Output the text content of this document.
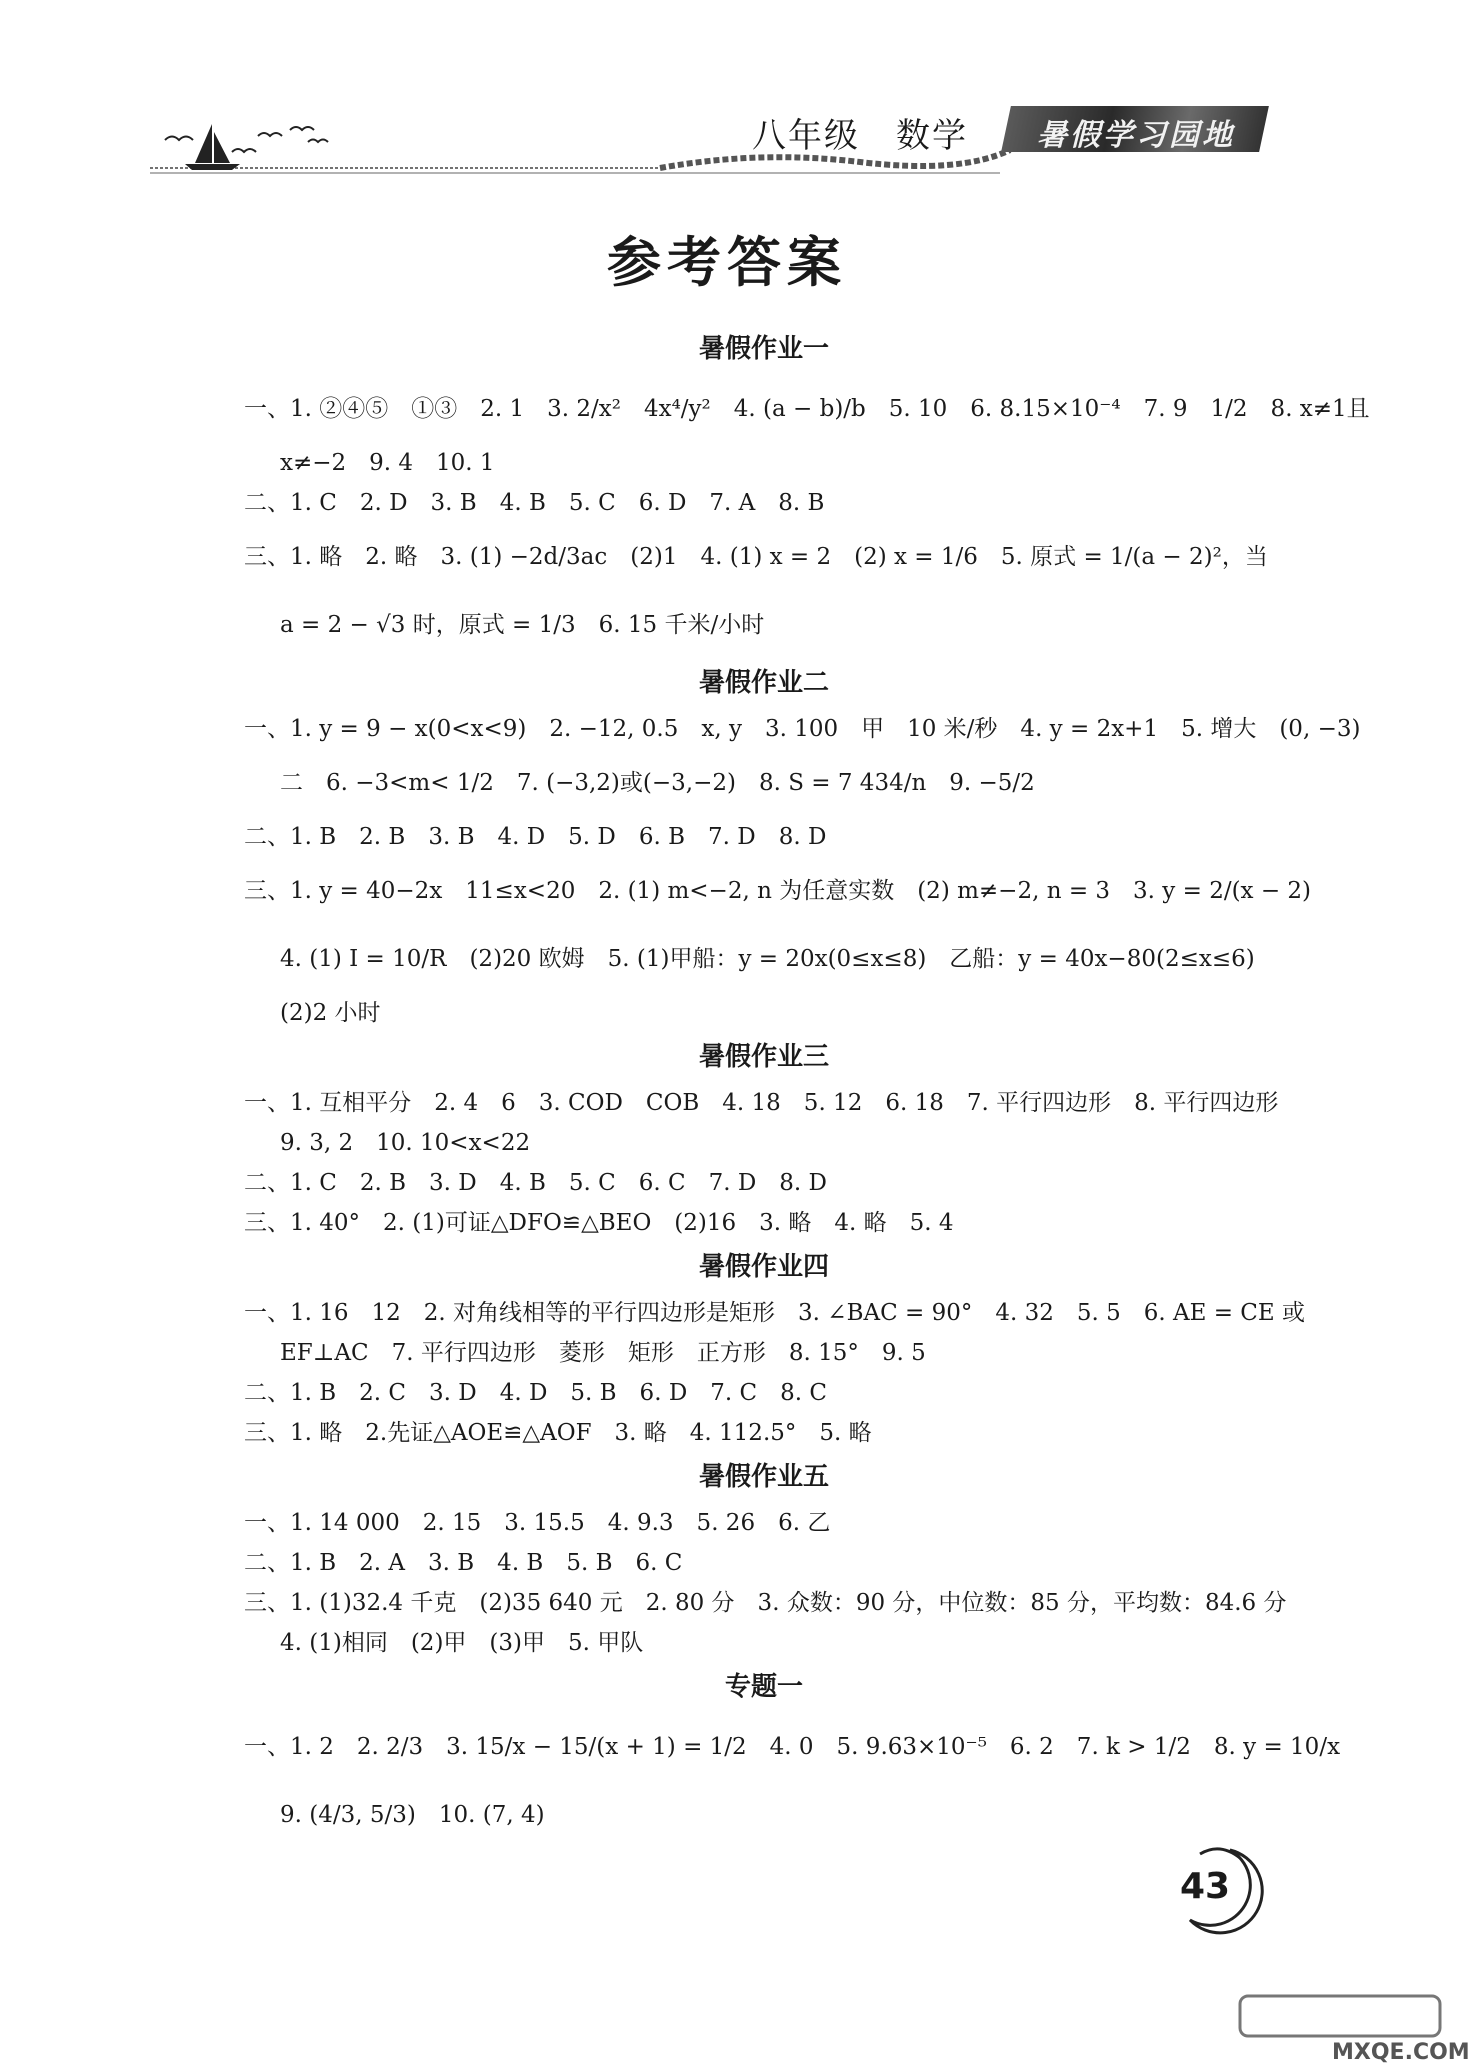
八年级　数学	暑假学习园地
参考答案
暑假作业一
一、1. ②④⑤　①③　2. 1　3. 2/x²　4x⁴/y²　4. (a − b)/b　5. 10　6. 8.15×10⁻⁴　7. 9　1/2　8. x≠1且
x≠−2　9. 4　10. 1
二、1. C　2. D　3. B　4. B　5. C　6. D　7. A　8. B
三、1. 略　2. 略　3. (1) −2d/3ac　(2)1　4. (1) x = 2　(2) x = 1/6　5. 原式 = 1/(a − 2)²，当
a = 2 − √3 时，原式 = 1/3　6. 15 千米/小时
暑假作业二
一、1. y = 9 − x(0<x<9)　2. −12, 0.5　x, y　3. 100　甲　10 米/秒　4. y = 2x+1　5. 增大　(0, −3)
二　6. −3<m< 1/2　7. (−3,2)或(−3,−2)　8. S = 7 434/n　9. −5/2
二、1. B　2. B　3. B　4. D　5. D　6. B　7. D　8. D
三、1. y = 40−2x　11≤x<20　2. (1) m<−2, n 为任意实数　(2) m≠−2, n = 3　3. y = 2/(x − 2)
4. (1) I = 10/R　(2)20 欧姆　5. (1)甲船：y = 20x(0≤x≤8)　乙船：y = 40x−80(2≤x≤6)
(2)2 小时
暑假作业三
一、1. 互相平分　2. 4　6　3. COD　COB　4. 18　5. 12　6. 18　7. 平行四边形　8. 平行四边形
9. 3, 2　10. 10<x<22
二、1. C　2. B　3. D　4. B　5. C　6. C　7. D　8. D
三、1. 40°　2. (1)可证△DFO≌△BEO　(2)16　3. 略　4. 略　5. 4
暑假作业四
一、1. 16　12　2. 对角线相等的平行四边形是矩形　3. ∠BAC = 90°　4. 32　5. 5　6. AE = CE 或
EF⊥AC　7. 平行四边形　菱形　矩形　正方形　8. 15°　9. 5
二、1. B　2. C　3. D　4. D　5. B　6. D　7. C　8. C
三、1. 略　2.先证△AOE≌△AOF　3. 略　4. 112.5°　5. 略
暑假作业五
一、1. 14 000　2. 15　3. 15.5　4. 9.3　5. 26　6. 乙
二、1. B　2. A　3. B　4. B　5. B　6. C
三、1. (1)32.4 千克　(2)35 640 元　2. 80 分　3. 众数：90 分，中位数：85 分，平均数：84.6 分
4. (1)相同　(2)甲　(3)甲　5. 甲队
专题一
一、1. 2　2. 2/3　3. 15/x − 15/(x + 1) = 1/2　4. 0　5. 9.63×10⁻⁵　6. 2　7. k > 1/2　8. y = 10/x
9. (4/3, 5/3)　10. (7, 4)
43
MXQE.COM
